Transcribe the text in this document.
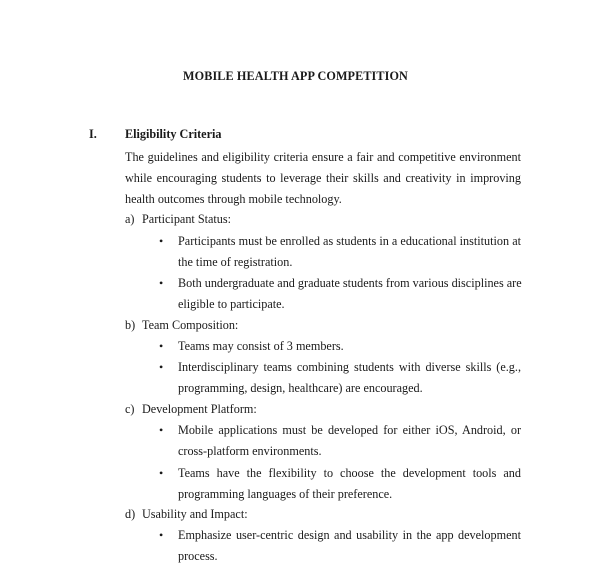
MOBILE HEALTH APP COMPETITION
I. Eligibility Criteria

The guidelines and eligibility criteria ensure a fair and competitive environment
while encouraging students to leverage their skills and creativity in improving
health outcomes through mobile technology.

a) Participant Status:
•	Participants must be enrolled as students in a educational institution at
the time of registration.
•	Both undergraduate and graduate students from various disciplines are
eligible to participate.
b) Team Composition:
•	Teams may consist of 3 members.
•	Interdisciplinary teams combining students with diverse skills (e.g.,
programming, design, healthcare) are encouraged.
c) Development Platform:
•	Mobile applications must be developed for either iOS, Android, or
cross-platform environments.
•	Teams have the flexibility to choose the development tools and
programming languages of their preference.
d) Usability and Impact:
•	Emphasize user-centric design and usability in the app development
process.
